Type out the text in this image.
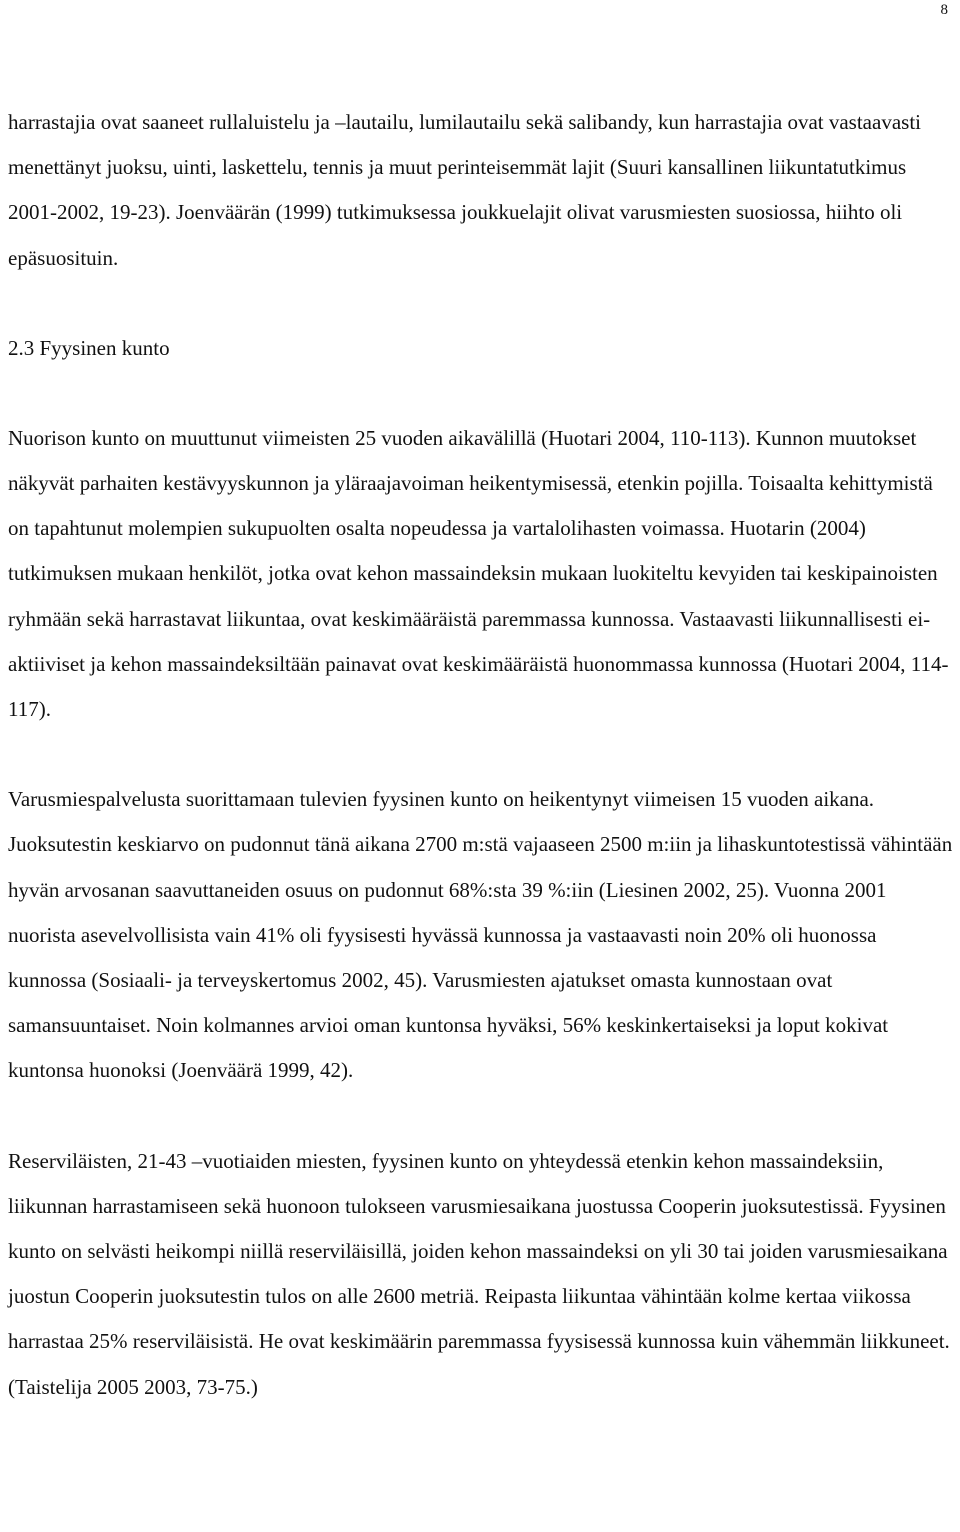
8

harrastajia ovat saaneet rullaluistelu ja –lautailu, lumilautailu sekä salibandy, kun harrastajia ovat vastaavasti menettänyt juoksu, uinti, laskettelu, tennis ja muut perinteisemmät lajit (Suuri kansallinen liikuntatutkimus 2001-2002, 19-23). Joenväärän (1999) tutkimuksessa joukkuelajit olivat varusmiesten suosiossa, hiihto oli epäsuosituin.

2.3 Fyysinen kunto

Nuorison kunto on muuttunut viimeisten 25 vuoden aikavälillä (Huotari 2004, 110-113). Kunnon muutokset näkyvät parhaiten kestävyyskunnon ja yläraajavoiman heikentymisessä, etenkin pojilla. Toisaalta kehittymistä on tapahtunut molempien sukupuolten osalta nopeudessa ja vartalolihasten voimassa. Huotarin (2004) tutkimuksen mukaan henkilöt, jotka ovat kehon massaindeksin mukaan luokiteltu kevyiden tai keskipainoisten ryhmään sekä harrastavat liikuntaa, ovat keskimääräistä paremmassa kunnossa. Vastaavasti liikunnallisesti ei-aktiiviset ja kehon massaindeksiltään painavat ovat keskimääräistä huonommassa kunnossa (Huotari 2004, 114-117).

Varusmiespalvelusta suorittamaan tulevien fyysinen kunto on heikentynyt viimeisen 15 vuoden aikana. Juoksutestin keskiarvo on pudonnut tänä aikana 2700 m:stä vajaaseen 2500 m:iin ja lihaskuntotestissä vähintään hyvän arvosanan saavuttaneiden osuus on pudonnut 68%:sta 39 %:iin (Liesinen 2002, 25). Vuonna 2001 nuorista asevelvollisista vain 41% oli fyysisesti hyvässä kunnossa ja vastaavasti noin 20% oli huonossa kunnossa (Sosiaali- ja terveyskertomus 2002, 45). Varusmiesten ajatukset omasta kunnostaan ovat samansuuntaiset. Noin kolmannes arvioi oman kuntonsa hyväksi, 56% keskinkertaiseksi ja loput kokivat kuntonsa huonoksi (Joenväärä 1999, 42).

Reserviläisten, 21-43 –vuotiaiden miesten, fyysinen kunto on yhteydessä etenkin kehon massaindeksiin, liikunnan harrastamiseen sekä huonoon tulokseen varusmiesaikana juostussa Cooperin juoksutestissä. Fyysinen kunto on selvästi heikompi niillä reserviläisillä, joiden kehon massaindeksi on yli 30 tai joiden varusmiesaikana juostun Cooperin juoksutestin tulos on alle 2600 metriä. Reipasta liikuntaa vähintään kolme kertaa viikossa harrastaa 25% reserviläisistä. He ovat keskimäärin paremmassa fyysisessä kunnossa kuin vähemmän liikkuneet. (Taistelija 2005 2003, 73-75.)
